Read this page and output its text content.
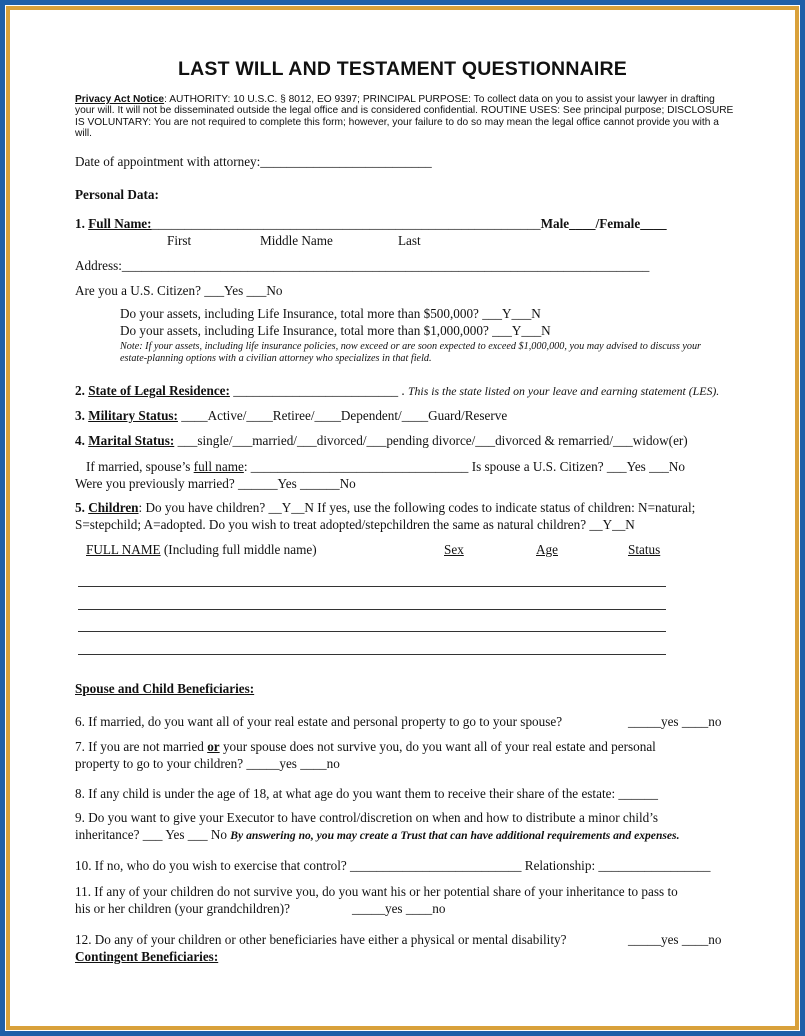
LAST WILL AND TESTAMENT QUESTIONNAIRE
Privacy Act Notice: AUTHORITY: 10 U.S.C. § 8012, EO 9397; PRINCIPAL PURPOSE: To collect data on you to assist your lawyer in drafting your will. It will not be disseminated outside the legal office and is considered confidential. ROUTINE USES: See principal purpose; DISCLOSURE IS VOLUNTARY: You are not required to complete this form; however, your failure to do so may mean the legal office cannot provide you with a will.
Date of appointment with attorney:__________________________
Personal Data:
1. Full Name:___________________________________________________________Male____/Female____
First	Middle Name	Last
Address:________________________________________________________________________________
Are you a U.S. Citizen? ___Yes ___No
Do your assets, including Life Insurance, total more than $500,000? ___Y___N
Do your assets, including Life Insurance, total more than $1,000,000? ___Y___N
Note: If your assets, including life insurance policies, now exceed or are soon expected to exceed $1,000,000, you may advised to discuss your estate-planning options with a civilian attorney who specializes in that field.
2. State of Legal Residence: _________________________ . This is the state listed on your leave and earning statement (LES).
3. Military Status: ____Active/____Retiree/____Dependent/____Guard/Reserve
4. Marital Status: ___single/___married/___divorced/___pending divorce/___divorced & remarried/___widow(er)
If married, spouse’s full name: _________________________________ Is spouse a U.S. Citizen? ___Yes ___No
Were you previously married? ______Yes ______No
5. Children: Do you have children? __Y__N If yes, use the following codes to indicate status of children: N=natural;
S=stepchild; A=adopted. Do you wish to treat adopted/stepchildren the same as natural children? __Y__N
FULL NAME (Including full middle name)	Sex	Age	Status
Spouse and Child Beneficiaries:
6. If married, do you want all of your real estate and personal property to go to your spouse?	_____yes ____no
7. If you are not married or your spouse does not survive you, do you want all of your real estate and personal
property to go to your children? _____yes ____no
8. If any child is under the age of 18, at what age do you want them to receive their share of the estate: ______
9. Do you want to give your Executor to have control/discretion on when and how to distribute a minor child’s
inheritance? ___ Yes ___ No By answering no, you may create a Trust that can have additional requirements and expenses.
10. If no, who do you wish to exercise that control? __________________________ Relationship: _________________
11. If any of your children do not survive you, do you want his or her potential share of your inheritance to pass to
his or her children (your grandchildren)?	_____yes ____no
12. Do any of your children or other beneficiaries have either a physical or mental disability?	_____yes ____no
Contingent Beneficiaries:
